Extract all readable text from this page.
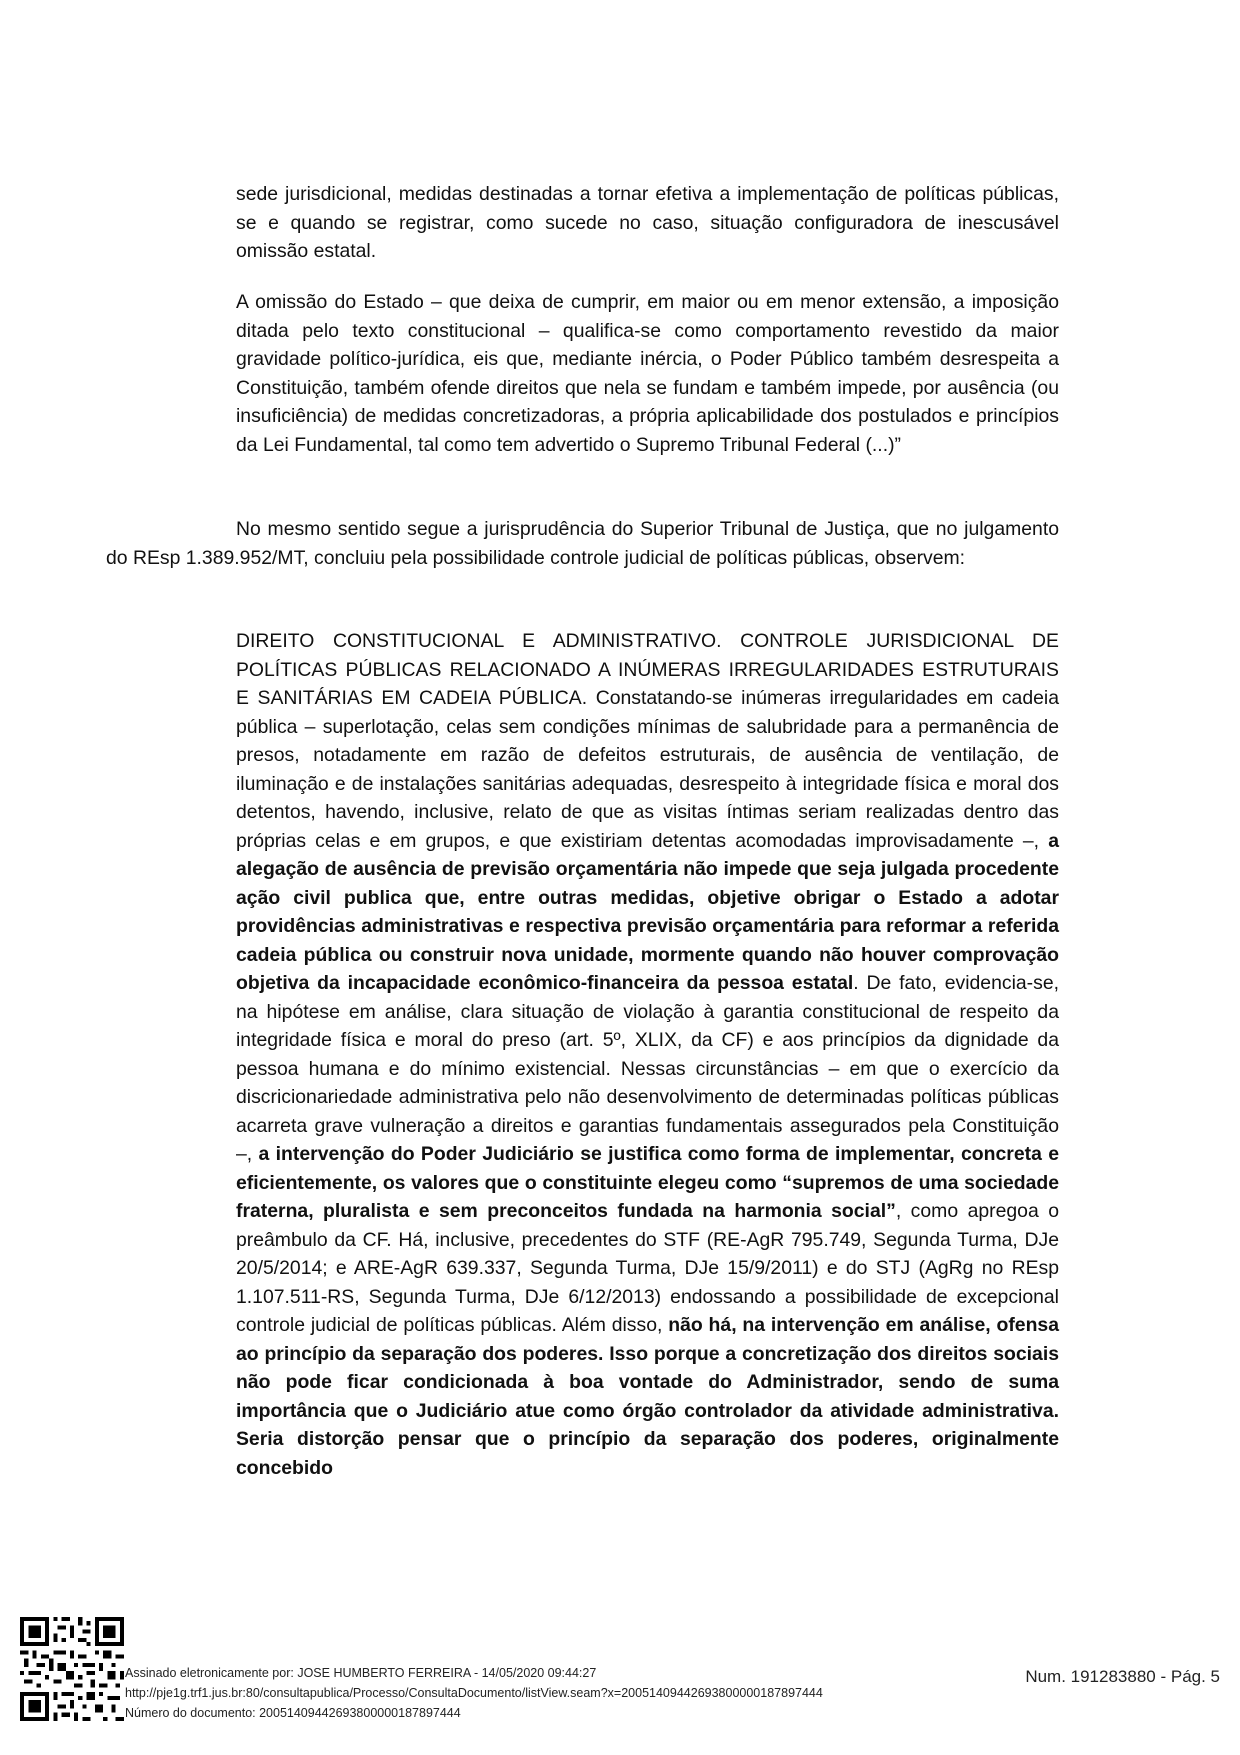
sede jurisdicional, medidas destinadas a tornar efetiva a implementação de políticas públicas, se e quando se registrar, como sucede no caso, situação configuradora de inescusável omissão estatal.

A omissão do Estado – que deixa de cumprir, em maior ou em menor extensão, a imposição ditada pelo texto constitucional – qualifica-se como comportamento revestido da maior gravidade político-jurídica, eis que, mediante inércia, o Poder Público também desrespeita a Constituição, também ofende direitos que nela se fundam e também impede, por ausência (ou insuficiência) de medidas concretizadoras, a própria aplicabilidade dos postulados e princípios da Lei Fundamental, tal como tem advertido o Supremo Tribunal Federal (...)”

No mesmo sentido segue a jurisprudência do Superior Tribunal de Justiça, que no julgamento do REsp 1.389.952/MT, concluiu pela possibilidade controle judicial de políticas públicas, observem:

DIREITO CONSTITUCIONAL E ADMINISTRATIVO. CONTROLE JURISDICIONAL DE POLÍTICAS PÚBLICAS RELACIONADO A INÚMERAS IRREGULARIDADES ESTRUTURAIS E SANITÁRIAS EM CADEIA PÚBLICA. Constatando-se inúmeras irregularidades em cadeia pública – superlotação, celas sem condições mínimas de salubridade para a permanência de presos, notadamente em razão de defeitos estruturais, de ausência de ventilação, de iluminação e de instalações sanitárias adequadas, desrespeito à integridade física e moral dos detentos, havendo, inclusive, relato de que as visitas íntimas seriam realizadas dentro das próprias celas e em grupos, e que existiriam detentas acomodadas improvisadamente –, a alegação de ausência de previsão orçamentária não impede que seja julgada procedente ação civil publica que, entre outras medidas, objetive obrigar o Estado a adotar providências administrativas e respectiva previsão orçamentária para reformar a referida cadeia pública ou construir nova unidade, mormente quando não houver comprovação objetiva da incapacidade econômico-financeira da pessoa estatal. De fato, evidencia-se, na hipótese em análise, clara situação de violação à garantia constitucional de respeito da integridade física e moral do preso (art. 5º, XLIX, da CF) e aos princípios da dignidade da pessoa humana e do mínimo existencial. Nessas circunstâncias – em que o exercício da discricionariedade administrativa pelo não desenvolvimento de determinadas políticas públicas acarreta grave vulneração a direitos e garantias fundamentais assegurados pela Constituição –, a intervenção do Poder Judiciário se justifica como forma de implementar, concreta e eficientemente, os valores que o constituinte elegeu como “supremos de uma sociedade fraterna, pluralista e sem preconceitos fundada na harmonia social”, como apregoa o preâmbulo da CF. Há, inclusive, precedentes do STF (RE-AgR 795.749, Segunda Turma, DJe 20/5/2014; e ARE-AgR 639.337, Segunda Turma, DJe 15/9/2011) e do STJ (AgRg no REsp 1.107.511-RS, Segunda Turma, DJe 6/12/2013) endossando a possibilidade de excepcional controle judicial de políticas públicas. Além disso, não há, na intervenção em análise, ofensa ao princípio da separação dos poderes. Isso porque a concretização dos direitos sociais não pode ficar condicionada à boa vontade do Administrador, sendo de suma importância que o Judiciário atue como órgão controlador da atividade administrativa. Seria distorção pensar que o princípio da separação dos poderes, originalmente concebido

Assinado eletronicamente por: JOSE HUMBERTO FERREIRA - 14/05/2020 09:44:27
http://pje1g.trf1.jus.br:80/consultapublica/Processo/ConsultaDocumento/listView.seam?x=20051409442693800000187897444
Número do documento: 20051409442693800000187897444
Num. 191283880 - Pág. 5
